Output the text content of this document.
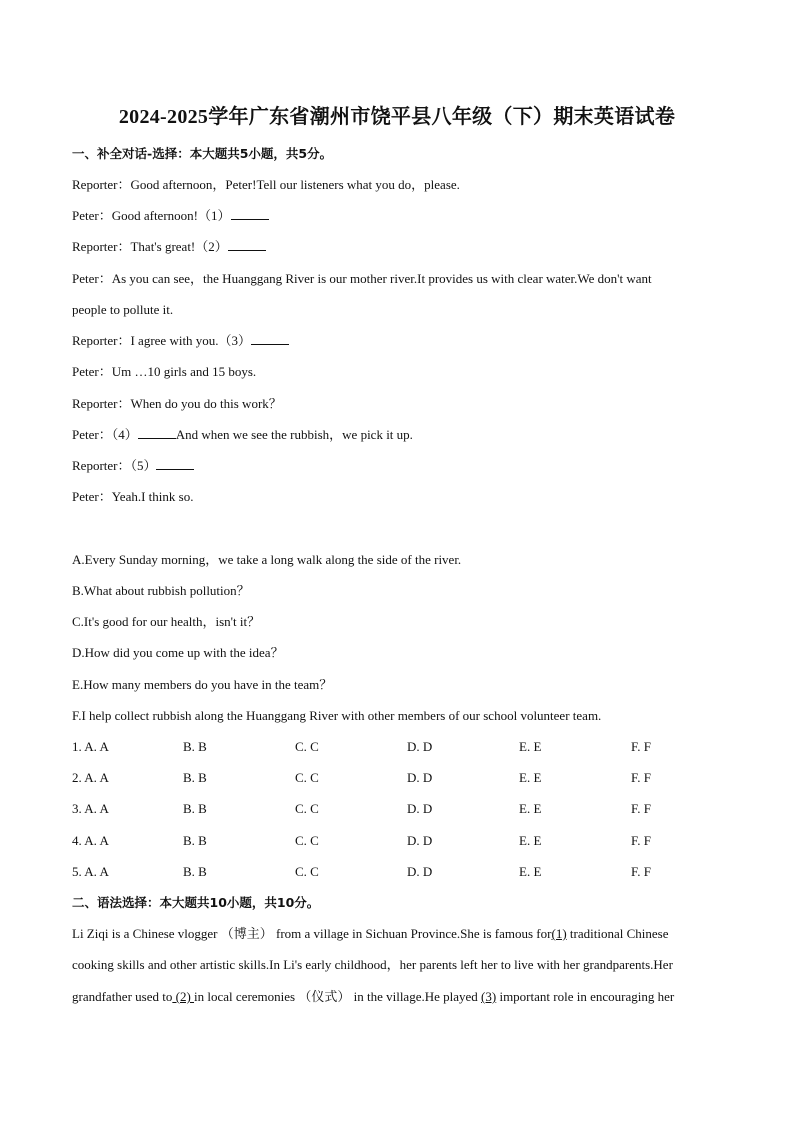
2024-2025学年广东省潮州市饶平县八年级（下）期末英语试卷
一、补全对话-选择：本大题共5小题，共5分。
二、语法选择：本大题共10小题，共10分。
Li Ziqi is a Chinese vlogger （博主） from a village in Sichuan Province.She is famous for(1) traditional Chinese
cooking skills and other artistic skills.In Li's early childhood，her parents left her to live with her grandparents.Her
grandfather used to (2) in local ceremonies （仪式） in the village.He played (3) important role in encouraging her
Reporter：Good afternoon，Peter!Tell our listeners what you do，please.
Peter：Good afternoon!（1）
Reporter：That's great!（2）
Peter：As you can see，the Huanggang River is our mother river.It provides us with clear water.We don't want
people to pollute it.
Reporter：I agree with you.（3）
Peter：Um …10 girls and 15 boys.
Reporter：When do you do this work？
Peter：（4）	And when we see the rubbish，we pick it up.
Reporter：（5）
Peter：Yeah.I think so.
A.Every Sunday morning，we take a long walk along the side of the river.
B.What about rubbish pollution？
C.It's good for our health，isn't it？
D.How did you come up with the idea？
E.How many members do you have in the team？
F.I help collect rubbish along the Huanggang River with other members of our school volunteer team.
1. A. A	B. B	C. C	D. D	E. E	F. F
2. A. A	B. B	C. C	D. D	E. E	F. F
3. A. A	B. B	C. C	D. D	E. E	F. F
4. A. A	B. B	C. C	D. D	E. E	F. F
5. A. A	B. B	C. C	D. D	E. E	F. F
